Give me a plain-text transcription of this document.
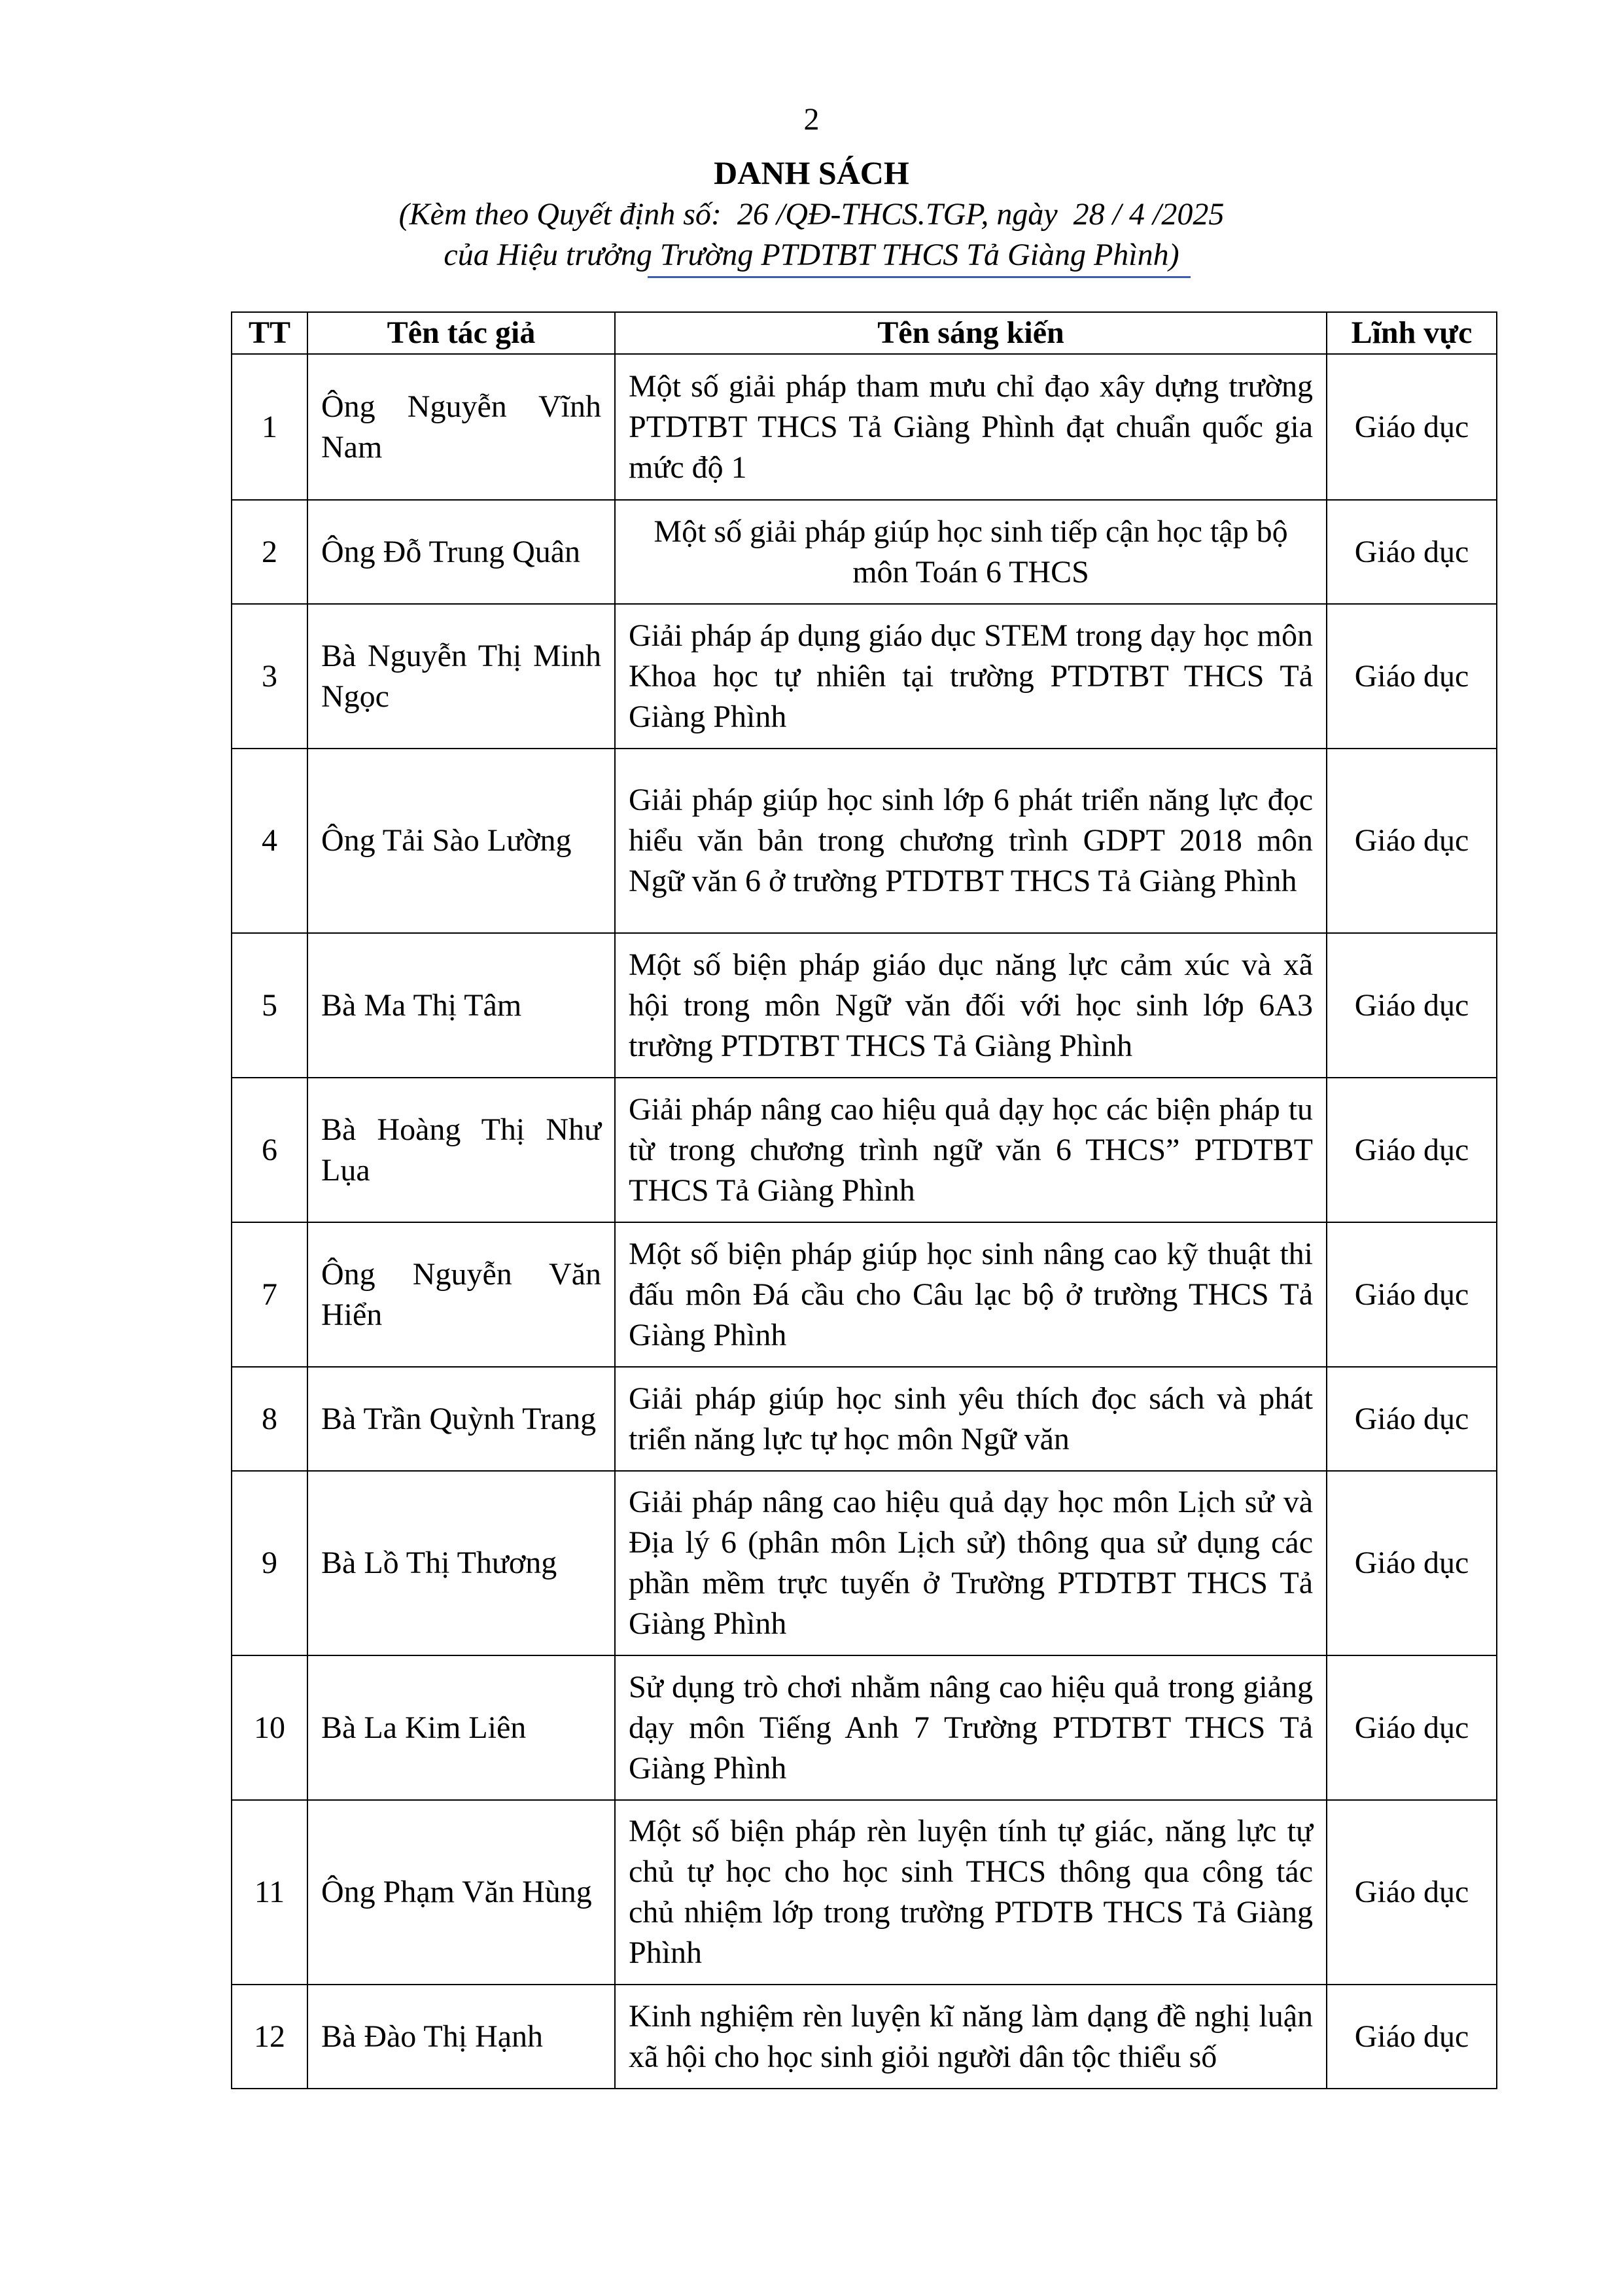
2
DANH SÁCH
(Kèm theo Quyết định số:  26 /QĐ-THCS.TGP, ngày  28 / 4 /2025
của Hiệu trưởng Trường PTDTBT THCS Tả Giàng Phình)
TT	Tên tác giả	Tên sáng kiến	Lĩnh vực
1	Ông Nguyễn Vĩnh Nam	Một số giải pháp tham mưu chỉ đạo xây dựng trường PTDTBT THCS Tả Giàng Phình đạt chuẩn quốc gia mức độ 1	Giáo dục
2	Ông Đỗ Trung Quân	Một số giải pháp giúp học sinh tiếp cận học tập bộ môn Toán 6 THCS	Giáo dục
3	Bà Nguyễn Thị Minh Ngọc	Giải pháp áp dụng giáo dục STEM trong dạy học môn Khoa học tự nhiên tại trường PTDTBT THCS Tả Giàng Phình	Giáo dục
4	Ông Tải Sào Lường	Giải pháp giúp học sinh lớp 6 phát triển năng lực đọc hiểu văn bản trong chương trình GDPT 2018 môn Ngữ văn 6 ở trường PTDTBT THCS Tả Giàng Phình	Giáo dục
5	Bà Ma Thị Tâm	Một số biện pháp giáo dục năng lực cảm xúc và xã hội trong môn Ngữ văn đối với học sinh lớp 6A3 trường PTDTBT THCS Tả Giàng Phình	Giáo dục
6	Bà Hoàng Thị Như Lụa	Giải pháp nâng cao hiệu quả dạy học các biện pháp tu từ trong chương trình ngữ văn 6 THCS” PTDTBT THCS Tả Giàng Phình	Giáo dục
7	Ông Nguyễn Văn Hiển	Một số biện pháp giúp học sinh nâng cao kỹ thuật thi đấu môn Đá cầu cho Câu lạc bộ ở trường THCS Tả Giàng Phình	Giáo dục
8	Bà Trần Quỳnh Trang	Giải pháp giúp học sinh yêu thích đọc sách và phát triển năng lực tự học môn Ngữ văn	Giáo dục
9	Bà Lồ Thị Thương	Giải pháp nâng cao hiệu quả dạy học môn Lịch sử và Địa lý 6 (phân môn Lịch sử) thông qua sử dụng các phần mềm trực tuyến ở Trường PTDTBT THCS Tả Giàng Phình	Giáo dục
10	Bà La Kim Liên	Sử dụng trò chơi nhằm nâng cao hiệu quả trong giảng dạy môn Tiếng Anh 7 Trường PTDTBT THCS Tả Giàng Phình	Giáo dục
11	Ông Phạm Văn Hùng	Một số biện pháp rèn luyện tính tự giác, năng lực tự chủ tự học cho học sinh THCS thông qua công tác chủ nhiệm lớp trong trường PTDTB THCS Tả Giàng Phình	Giáo dục
12	Bà Đào Thị Hạnh	Kinh nghiệm rèn luyện kĩ năng làm dạng đề nghị luận xã hội cho học sinh giỏi người dân tộc thiểu số	Giáo dục
